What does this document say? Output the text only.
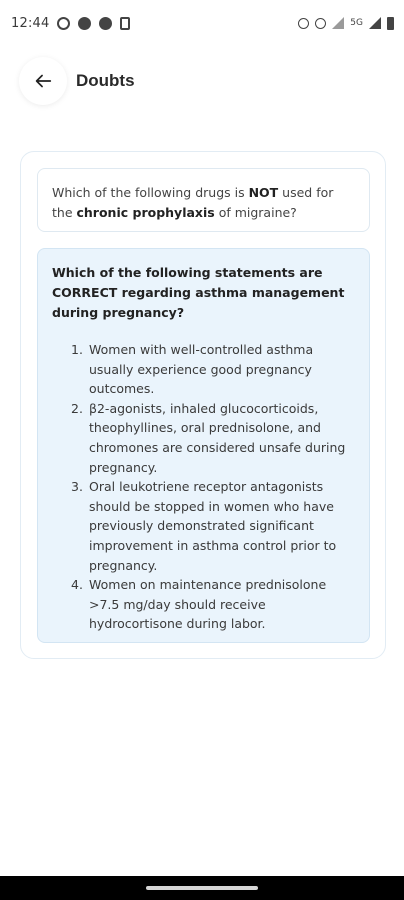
12:44	5G
Doubts
Which of the following drugs is NOT used for the chronic prophylaxis of migraine?
Which of the following statements are CORRECT regarding asthma management during pregnancy?
1. Women with well-controlled asthma usually experience good pregnancy outcomes.
2. β2-agonists, inhaled glucocorticoids, theophyllines, oral prednisolone, and chromones are considered unsafe during pregnancy.
3. Oral leukotriene receptor antagonists should be stopped in women who have previously demonstrated significant improvement in asthma control prior to pregnancy.
4. Women on maintenance prednisolone >7.5 mg/day should receive hydrocortisone during labor.
